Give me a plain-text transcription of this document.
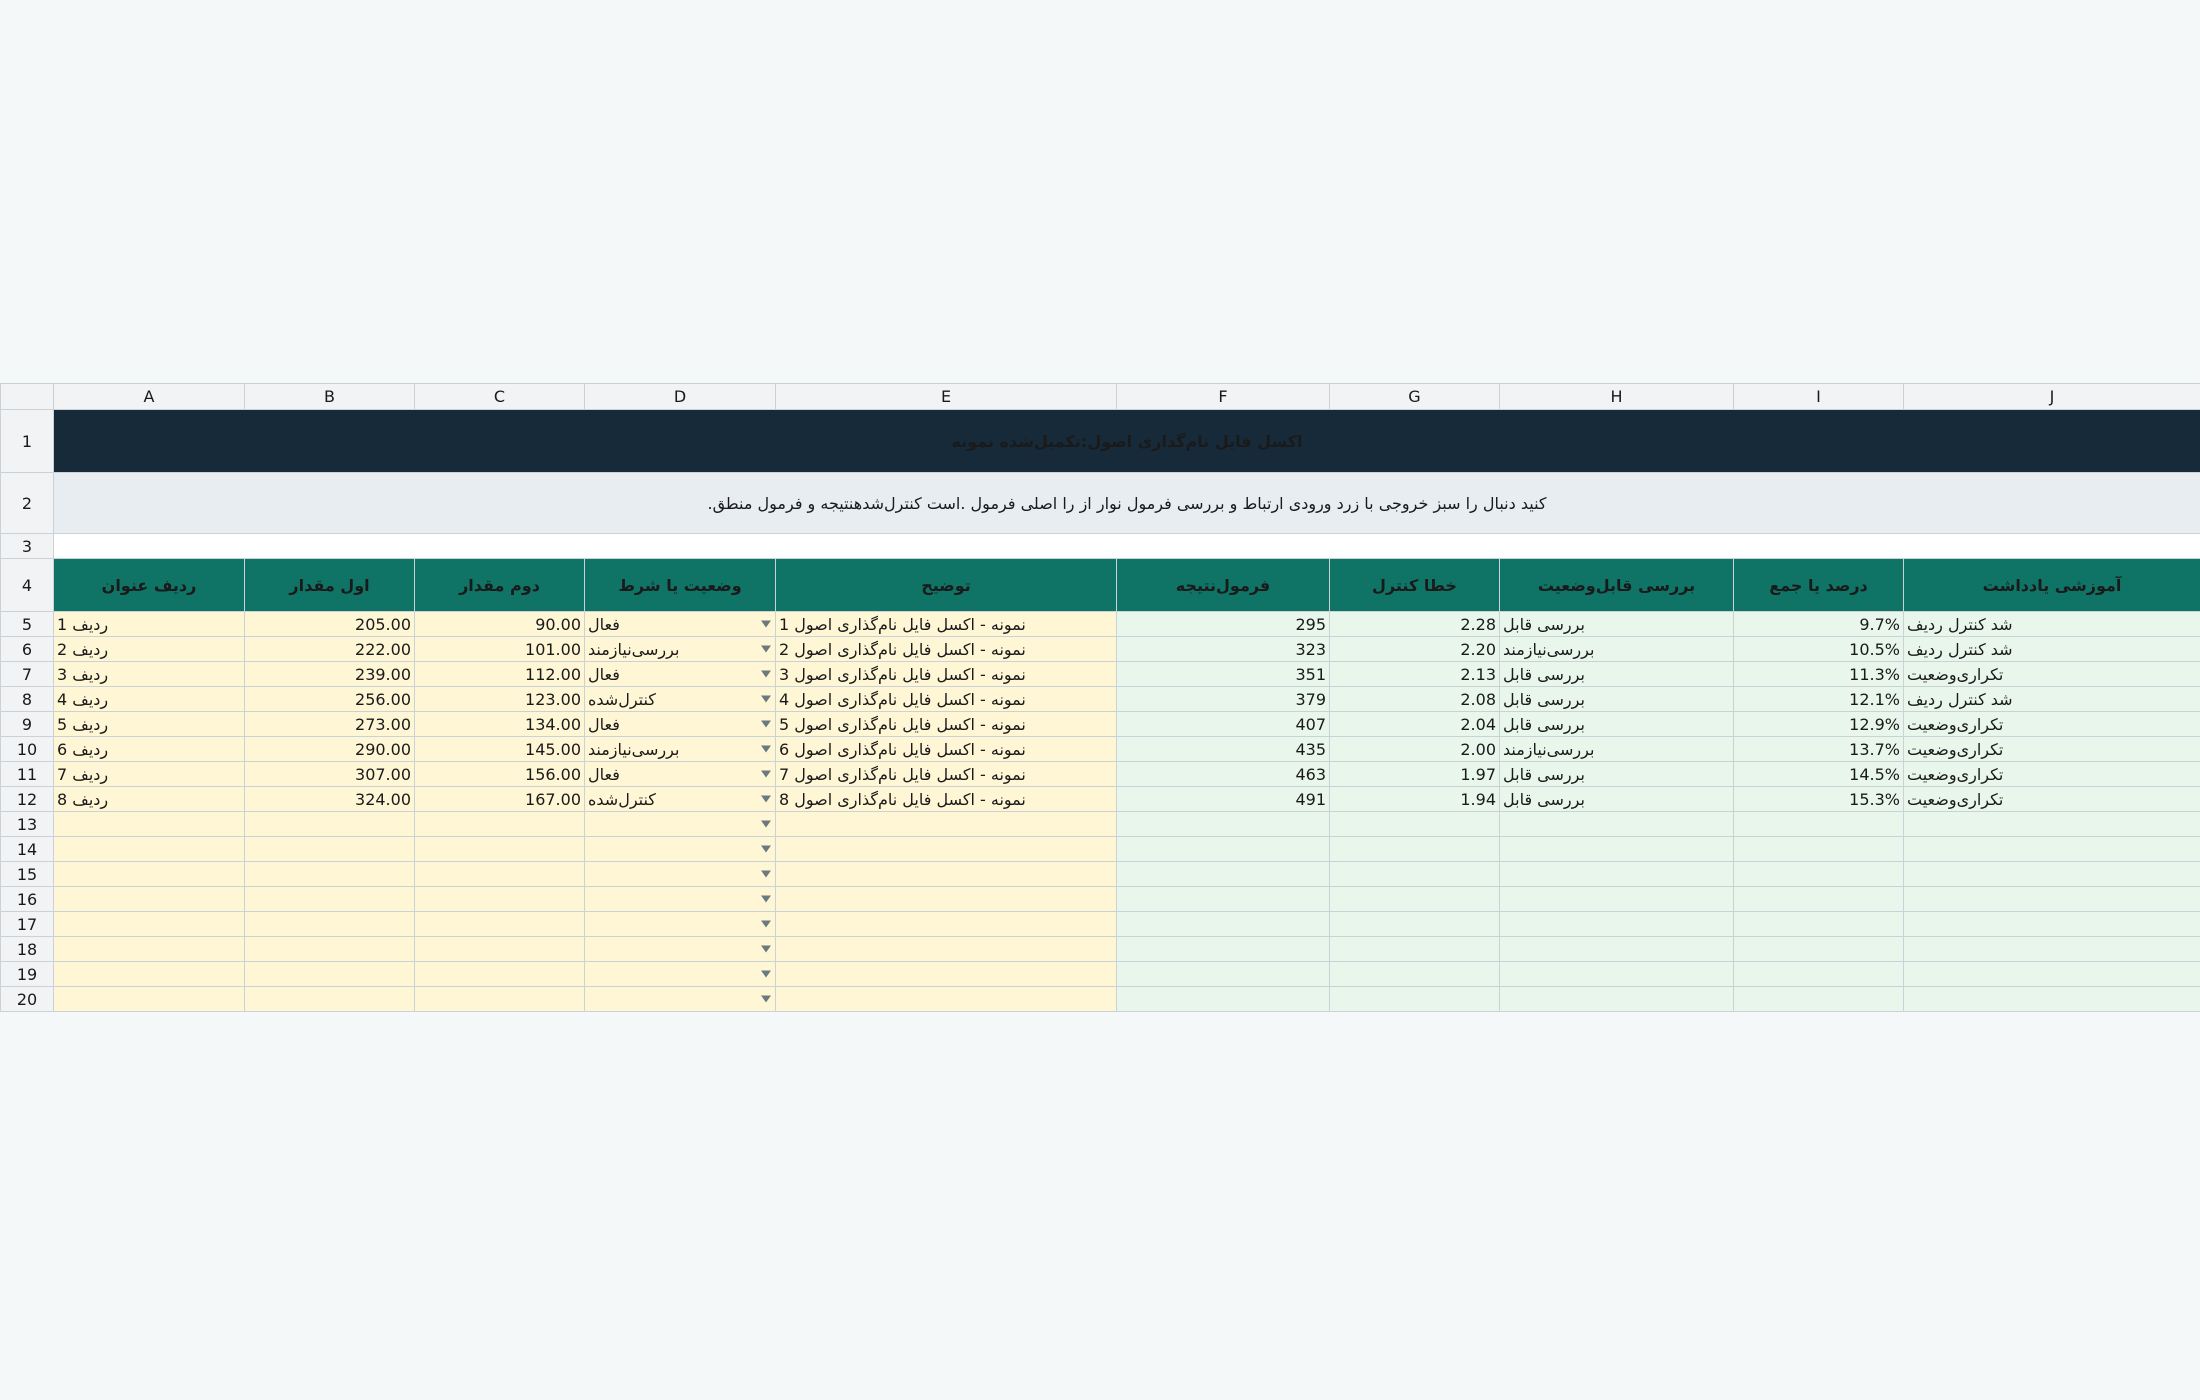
	A	B	C	D	E	F	G	H	I	J
1	اکسل فایل نام‌گذاری اصول:تکمیل‌شده نمونه									
2	.کنید دنبال را سبز خروجی با زرد ورودی ارتباط و بررسی فرمول نوار از را اصلی فرمول .است کنترل‌شدهنتیجه و فرمول منطق									
3										
4	ردیف عنوان	اول مقدار	دوم مقدار	وضعیت یا شرط	توضیح	فرمول‌نتیجه	خطا کنترل	بررسی قابل‌وضعیت	درصد یا جمع	آموزشی یادداشت
5	1 ردیف	205.00	90.00	فعال	1 نمونه - اکسل فایل نام‌گذاری اصول	295	2.28	بررسی قابل	9.7%	شد کنترل ردیف
6	2 ردیف	222.00	101.00	بررسی‌نیازمند	2 نمونه - اکسل فایل نام‌گذاری اصول	323	2.20	بررسی‌نیازمند	10.5%	شد کنترل ردیف
7	3 ردیف	239.00	112.00	فعال	3 نمونه - اکسل فایل نام‌گذاری اصول	351	2.13	بررسی قابل	11.3%	تکراری‌وضعیت
8	4 ردیف	256.00	123.00	کنترل‌شده	4 نمونه - اکسل فایل نام‌گذاری اصول	379	2.08	بررسی قابل	12.1%	شد کنترل ردیف
9	5 ردیف	273.00	134.00	فعال	5 نمونه - اکسل فایل نام‌گذاری اصول	407	2.04	بررسی قابل	12.9%	تکراری‌وضعیت
10	6 ردیف	290.00	145.00	بررسی‌نیازمند	6 نمونه - اکسل فایل نام‌گذاری اصول	435	2.00	بررسی‌نیازمند	13.7%	تکراری‌وضعیت
11	7 ردیف	307.00	156.00	فعال	7 نمونه - اکسل فایل نام‌گذاری اصول	463	1.97	بررسی قابل	14.5%	تکراری‌وضعیت
12	8 ردیف	324.00	167.00	کنترل‌شده	8 نمونه - اکسل فایل نام‌گذاری اصول	491	1.94	بررسی قابل	15.3%	تکراری‌وضعیت
13				

14				

15				

16				

17				

18				

19				

20				
